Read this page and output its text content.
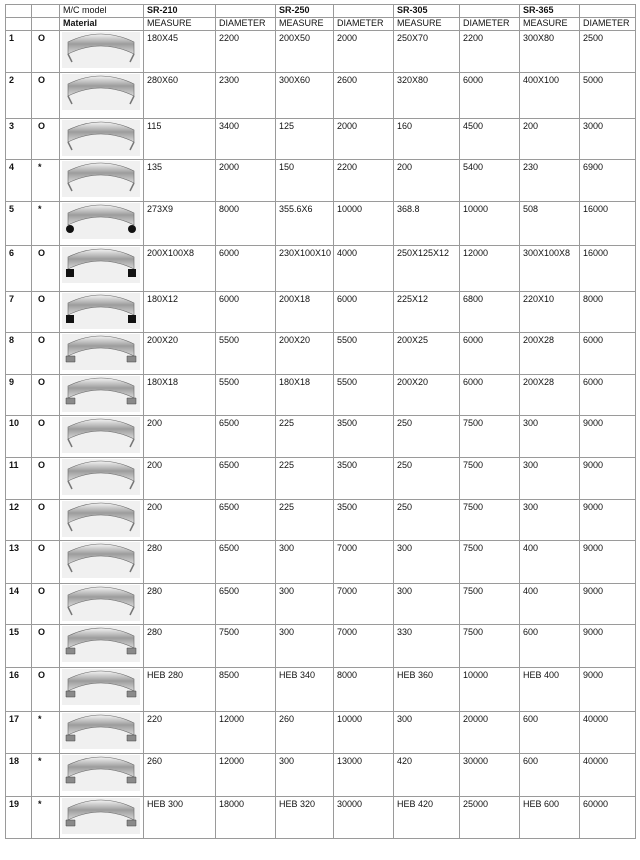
		M/C model	SR-210		SR-250		SR-305		SR-365	
		Material	MEASURE	DIAMETER	MEASURE	DIAMETER	MEASURE	DIAMETER	MEASURE	DIAMETER
1	O		180X45	2200	200X50	2000	250X70	2200	300X80	2500
2	O		280X60	2300	300X60	2600	320X80	6000	400X100	5000
3	O		115	3400	125	2000	160	4500	200	3000
4	*		135	2000	150	2200	200	5400	230	6900
5	*		273X9	8000	355.6X6	10000	368.8	10000	508	16000
6	O		200X100X8	6000	230X100X10	4000	250X125X12	12000	300X100X8	16000
7	O		180X12	6000	200X18	6000	225X12	6800	220X10	8000
8	O		200X20	5500	200X20	5500	200X25	6000	200X28	6000
9	O		180X18	5500	180X18	5500	200X20	6000	200X28	6000
10	O		200	6500	225	3500	250	7500	300	9000
11	O		200	6500	225	3500	250	7500	300	9000
12	O		200	6500	225	3500	250	7500	300	9000
13	O		280	6500	300	7000	300	7500	400	9000
14	O		280	6500	300	7000	300	7500	400	9000
15	O		280	7500	300	7000	330	7500	600	9000
16	O		HEB 280	8500	HEB 340	8000	HEB 360	10000	HEB 400	9000
17	*		220	12000	260	10000	300	20000	600	40000
18	*		260	12000	300	13000	420	30000	600	40000
19	*		HEB 300	18000	HEB 320	30000	HEB 420	25000	HEB 600	60000
